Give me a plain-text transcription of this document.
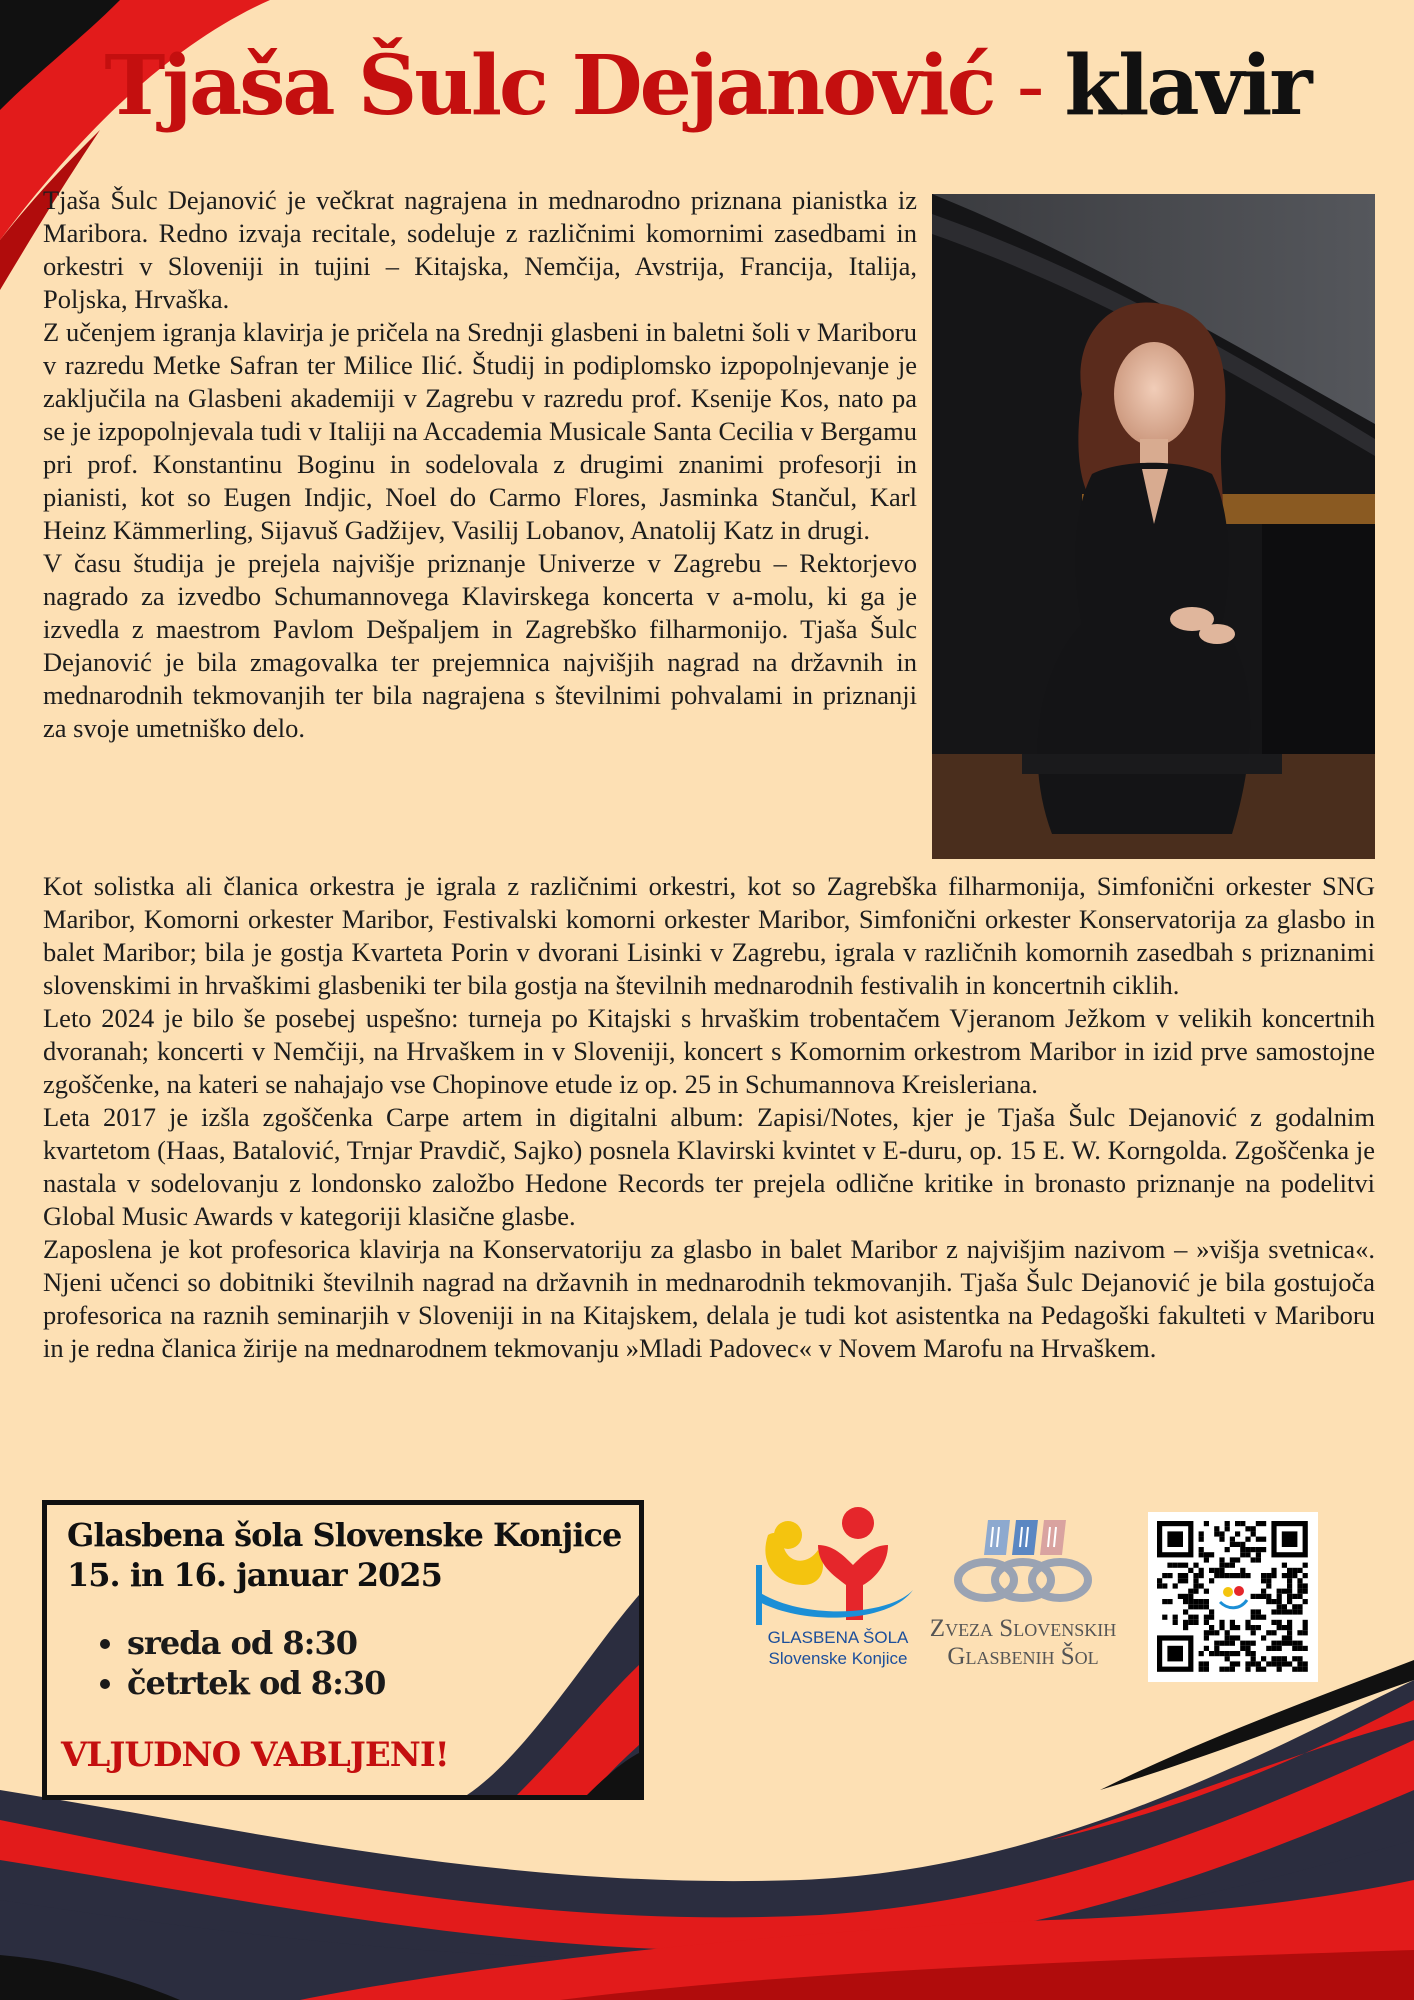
Tjaša Šulc Dejanović - klavir

Tjaša Šulc Dejanović je večkrat nagrajena in mednarodno priznana pianistka iz Maribora. Redno izvaja recitale, sodeluje z različnimi komornimi zasedbami in orkestri v Sloveniji in tujini – Kitajska, Nemčija, Avstrija, Francija, Italija, Poljska, Hrvaška.

Z učenjem igranja klavirja je pričela na Srednji glasbeni in baletni šoli v Mariboru v razredu Metke Safran ter Milice Ilić. Študij in podiplomsko izpopolnjevanje je zaključila na Glasbeni akademiji v Zagrebu v razredu prof. Ksenije Kos, nato pa se je izpopolnjevala tudi v Italiji na Accademia Musicale Santa Cecilia v Bergamu pri prof. Konstantinu Boginu in sodelovala z drugimi znanimi profesorji in pianisti, kot so Eugen Indjic, Noel do Carmo Flores, Jasminka Stančul, Karl Heinz Kämmerling, Sijavuš Gadžijev, Vasilij Lobanov, Anatolij Katz in drugi.

V času študija je prejela najvišje priznanje Univerze v Zagrebu – Rektorjevo nagrado za izvedbo Schumannovega Klavirskega koncerta v a-molu, ki ga je izvedla z maestrom Pavlom Dešpaljem in Zagrebško filharmonijo. Tjaša Šulc Dejanović je bila zmagovalka ter prejemnica najvišjih nagrad na državnih in mednarodnih tekmovanjih ter bila nagrajena s številnimi pohvalami in priznanji za svoje umetniško delo.

Kot solistka ali članica orkestra je igrala z različnimi orkestri, kot so Zagrebška filharmonija, Simfonični orkester SNG Maribor, Komorni orkester Maribor, Festivalski komorni orkester Maribor, Simfonični orkester Konservatorija za glasbo in balet Maribor; bila je gostja Kvarteta Porin v dvorani Lisinki v Zagrebu, igrala v različnih komornih zasedbah s priznanimi slovenskimi in hrvaškimi glasbeniki ter bila gostja na številnih mednarodnih festivalih in koncertnih ciklih.

Leto 2024 je bilo še posebej uspešno: turneja po Kitajski s hrvaškim trobentačem Vjeranom Ježkom v velikih koncertnih dvoranah; koncerti v Nemčiji, na Hrvaškem in v Sloveniji, koncert s Komornim orkestrom Maribor in izid prve samostojne zgoščenke, na kateri se nahajajo vse Chopinove etude iz op. 25 in Schumannova Kreisleriana.

Leta 2017 je izšla zgoščenka Carpe artem in digitalni album: Zapisi/Notes, kjer je Tjaša Šulc Dejanović z godalnim kvartetom (Haas, Batalović, Trnjar Pravdič, Sajko) posnela Klavirski kvintet v E-duru, op. 15 E. W. Korngolda. Zgoščenka je nastala v sodelovanju z londonsko založbo Hedone Records ter prejela odlične kritike in bronasto priznanje na podelitvi Global Music Awards v kategoriji klasične glasbe.

Zaposlena je kot profesorica klavirja na Konservatoriju za glasbo in balet Maribor z najvišjim nazivom – »višja svetnica«. Njeni učenci so dobitniki številnih nagrad na državnih in mednarodnih tekmovanjih. Tjaša Šulc Dejanović je bila gostujoča profesorica na raznih seminarjih v Sloveniji in na Kitajskem, delala je tudi kot asistentka na Pedagoški fakulteti v Mariboru in je redna članica žirije na mednarodnem tekmovanju »Mladi Padovec« v Novem Marofu na Hrvaškem.

Glasbena šola Slovenske Konjice
15. in 16. januar 2025
• sreda od 8:30
• četrtek od 8:30
VLJUDNO VABLJENI!
GLASBENA ŠOLA
Slovenske Konjice
Zveza Slovenskih
Glasbenih Šol
